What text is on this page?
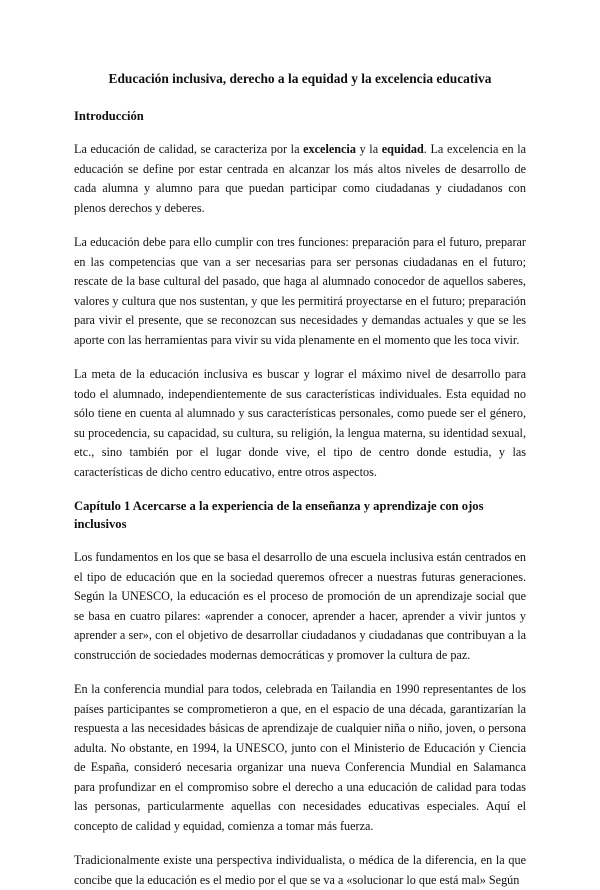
Educación inclusiva, derecho a la equidad y la excelencia educativa
Introducción

La educación de calidad, se caracteriza por la excelencia y la equidad. La excelencia en la educación se define por estar centrada en alcanzar los más altos niveles de desarrollo de cada alumna y alumno para que puedan participar como ciudadanas y ciudadanos con plenos derechos y deberes.

La educación debe para ello cumplir con tres funciones: preparación para el futuro, preparar en las competencias que van a ser necesarias para ser personas ciudadanas en el futuro; rescate de la base cultural del pasado, que haga al alumnado conocedor de aquellos saberes, valores y cultura que nos sustentan, y que les permitirá proyectarse en el futuro; preparación para vivir el presente, que se reconozcan sus necesidades y demandas actuales y que se les aporte con las herramientas para vivir su vida plenamente en el momento que les toca vivir.

La meta de la educación inclusiva es buscar y lograr el máximo nivel de desarrollo para todo el alumnado, independientemente de sus características individuales. Esta equidad no sólo tiene en cuenta al alumnado y sus características personales, como puede ser el género, su procedencia, su capacidad, su cultura, su religión, la lengua materna, su identidad sexual, etc., sino también por el lugar donde vive, el tipo de centro donde estudia, y las características de dicho centro educativo, entre otros aspectos.

Capítulo 1 Acercarse a la experiencia de la enseñanza y aprendizaje con ojos inclusivos

Los fundamentos en los que se basa el desarrollo de una escuela inclusiva están centrados en el tipo de educación que en la sociedad queremos ofrecer a nuestras futuras generaciones. Según la UNESCO, la educación es el proceso de promoción de un aprendizaje social que se basa en cuatro pilares: «aprender a conocer, aprender a hacer, aprender a vivir juntos y aprender a ser», con el objetivo de desarrollar ciudadanos y ciudadanas que contribuyan a la construcción de sociedades modernas democráticas y promover la cultura de paz.

En la conferencia mundial para todos, celebrada en Tailandia en 1990 representantes de los países participantes se comprometieron a que, en el espacio de una década, garantizarían la respuesta a las necesidades básicas de aprendizaje de cualquier niña o niño, joven, o persona adulta. No obstante, en 1994, la UNESCO, junto con el Ministerio de Educación y Ciencia de España, consideró necesaria organizar una nueva Conferencia Mundial en Salamanca para profundizar en el compromiso sobre el derecho a una educación de calidad para todas las personas, particularmente aquellas con necesidades educativas especiales. Aquí el concepto de calidad y equidad, comienza a tomar más fuerza.

Tradicionalmente existe una perspectiva individualista, o médica de la diferencia, en la que concibe que la educación es el medio por el que se va a «solucionar lo que está mal» Según
